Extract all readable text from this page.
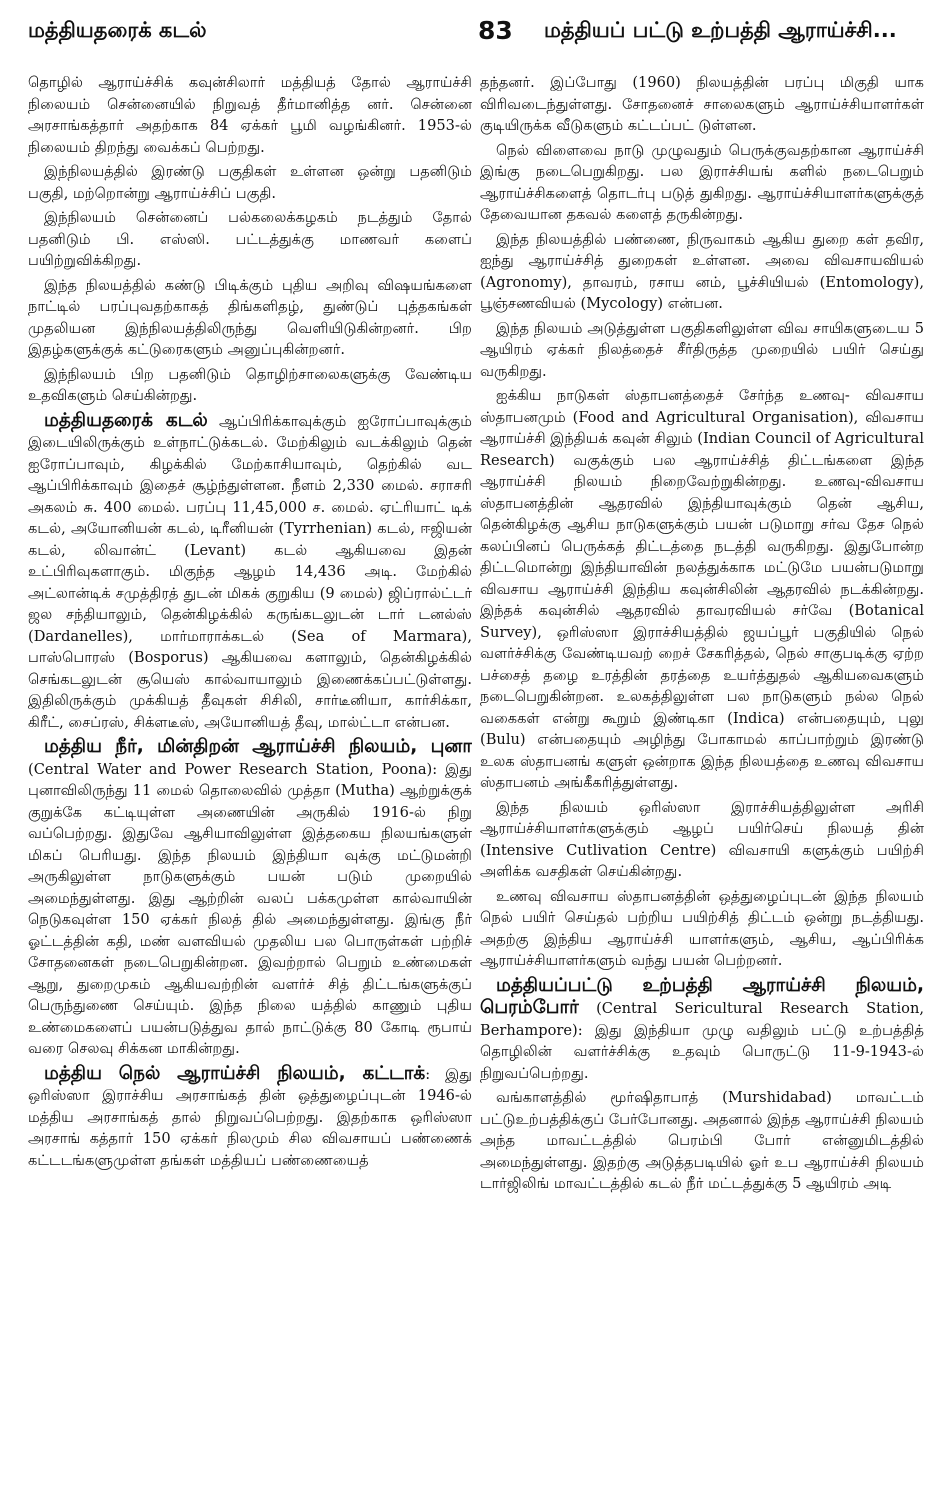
மத்தியதரைக் கடல்	83 மத்தியப் பட்டு உற்பத்தி ஆராய்ச்சி...

தொழில் ஆராய்ச்சிக் கவுன்சிலார் மத்தியத் தோல் ஆராய்ச்சி நிலையம் சென்னையில் நிறுவத் தீர்மானித்த னர். சென்னை அரசாங்கத்தார் அதற்காக 84 ஏக்கர் பூமி வழங்கினர். 1953-ல் நிலையம் திறந்து வைக்கப் பெற்றது.

இந்நிலயத்தில் இரண்டு பகுதிகள் உள்ளன ஒன்று பதனிடும் பகுதி, மற்றொன்று ஆராய்ச்சிப் பகுதி.

இந்நிலயம் சென்னைப் பல்கலைக்கழகம் நடத்தும் தோல் பதனிடும் பி. எஸ்ஸி. பட்டத்துக்கு மாணவர் களைப் பயிற்றுவிக்கிறது.

இந்த நிலயத்தில் கண்டு பிடிக்கும் புதிய அறிவு விஷயங்களை நாட்டில் பரப்புவதற்காகத் திங்களிதழ், துண்டுப் புத்தகங்கள் முதலியன இந்நிலயத்திலிருந்து வெளியிடுகின்றனர். பிற இதழ்களுக்குக் கட்டுரைகளும் அனுப்புகின்றனர்.

இந்நிலயம் பிற பதனிடும் தொழிற்சாலைகளுக்கு வேண்டிய உதவிகளும் செய்கின்றது.

மத்தியதரைக் கடல் ஆப்பிரிக்காவுக்கும் ஐரோப்பாவுக்கும் இடையிலிருக்கும் உள்நாட்டுக்கடல். மேற்கிலும் வடக்கிலும் தென் ஐரோப்பாவும், கிழக்கில் மேற்காசியாவும், தெற்கில் வட ஆப்பிரிக்காவும் இதைச் சூழ்ந்துள்ளன. நீளம் 2,330 மைல். சராசரி அகலம் சு. 400 மைல். பரப்பு 11,45,000 ச. மைல். ஏட்ரியாட் டிக் கடல், அயோனியன் கடல், டிரீனியன் (Tyrrhenian) கடல், ஈஜியன் கடல், லிவான்ட் (Levant) கடல் ஆகியவை இதன் உட்பிரிவுகளாகும். மிகுந்த ஆழம் 14,436 அடி. மேற்கில் அட்லான்டிக் சமுத்திரத் துடன் மிகக் குறுகிய (9 மைல்) ஜிப்ரால்ட்டர் ஜல சந்தியாலும், தென்கிழக்கில் கருங்கடலுடன் டார் டனல்ஸ் (Dardanelles), மார்மாராக்கடல் (Sea of Marmara), பாஸ்பொரஸ் (Bosporus) ஆகியவை களாலும், தென்கிழக்கில் செங்கடலுடன் சூயெஸ் கால்வாயாலும் இணைக்கப்பட்டுள்ளது. இதிலிருக்கும் முக்கியத் தீவுகள் சிசிலி, சார்டீனியா, கார்சிக்கா, கிரீட், சைப்ரஸ், சிக்ளடீஸ், அயோனியத் தீவு, மால்ட்டா என்பன.

மத்திய நீர், மின்திறன் ஆராய்ச்சி நிலயம், புனா (Central Water and Power Research Station, Poona): இது புனாவிலிருந்து 11 மைல் தொலைவில் முத்தா (Mutha) ஆற்றுக்குக் குறுக்கே கட்டியுள்ள அணையின் அருகில் 1916-ல் நிறு வப்பெற்றது. இதுவே ஆசியாவிலுள்ள இத்தகைய நிலயங்களுள் மிகப் பெரியது. இந்த நிலயம் இந்தியா வுக்கு மட்டுமன்றி அருகிலுள்ள நாடுகளுக்கும் பயன் படும் முறையில் அமைந்துள்ளது. இது ஆற்றின் வலப் பக்கமுள்ள கால்வாயின் நெடுகவுள்ள 150 ஏக்கர் நிலத் தில் அமைந்துள்ளது. இங்கு நீர் ஓட்டத்தின் கதி, மண் வளவியல் முதலிய பல பொருள்கள் பற்றிச் சோதனைகள் நடைபெறுகின்றன. இவற்றால் பெறும் உண்மைகள் ஆறு, துறைமுகம் ஆகியவற்றின் வளர்ச் சித் திட்டங்களுக்குப் பெருந்துணை செய்யும். இந்த நிலை யத்தில் காணும் புதிய உண்மைகளைப் பயன்படுத்துவ தால் நாட்டுக்கு 80 கோடி ரூபாய் வரை செலவு சிக்கன மாகின்றது.

மத்திய நெல் ஆராய்ச்சி நிலயம், கட்டாக்: இது ஒரிஸ்ஸா இராச்சிய அரசாங்கத் தின் ஒத்துழைப்புடன் 1946-ல் மத்திய அரசாங்கத் தால் நிறுவப்பெற்றது. இதற்காக ஒரிஸ்ஸா அரசாங் கத்தார் 150 ஏக்கர் நிலமும் சில விவசாயப் பண்ணைக் கட்டடங்களுமுள்ள தங்கள் மத்தியப் பண்ணையைத்

தந்தனர். இப்போது (1960) நிலயத்தின் பரப்பு மிகுதி யாக விரிவடைந்துள்ளது. சோதனைச் சாலைகளும் ஆராய்ச்சியாளர்கள் குடியிருக்க வீடுகளும் கட்டப்பட் டுள்ளன.

நெல் விளைவை நாடு முழுவதும் பெருக்குவதற்கான ஆராய்ச்சி இங்கு நடைபெறுகிறது. பல இராச்சியங் களில் நடைபெறும் ஆராய்ச்சிகளைத் தொடர்பு படுத் துகிறது. ஆராய்ச்சியாளர்களுக்குத் தேவையான தகவல் களைத் தருகின்றது.

இந்த நிலயத்தில் பண்ணை, நிருவாகம் ஆகிய துறை கள் தவிர, ஐந்து ஆராய்ச்சித் துறைகள் உள்ளன. அவை விவசாயவியல் (Agronomy), தாவரம், ரசாய னம், பூச்சியியல் (Entomology), பூஞ்சணவியல் (Mycology) என்பன.

இந்த நிலயம் அடுத்துள்ள பகுதிகளிலுள்ள விவ சாயிகளுடைய 5 ஆயிரம் ஏக்கர் நிலத்தைச் சீர்திருத்த முறையில் பயிர் செய்து வருகிறது.

ஐக்கிய நாடுகள் ஸ்தாபனத்தைச் சேர்ந்த உணவு- விவசாய ஸ்தாபனமும் (Food and Agricultural Organisation), விவசாய ஆராய்ச்சி இந்தியக் கவுன் சிலும் (Indian Council of Agricultural Research) வகுக்கும் பல ஆராய்ச்சித் திட்டங்களை இந்த ஆராய்ச்சி நிலயம் நிறைவேற்றுகின்றது. உணவு-விவசாய ஸ்தாபனத்தின் ஆதரவில் இந்தியாவுக்கும் தென் ஆசிய, தென்கிழக்கு ஆசிய நாடுகளுக்கும் பயன் படுமாறு சர்வ தேச நெல் கலப்பினப் பெருக்கத் திட்டத்தை நடத்தி வருகிறது. இதுபோன்ற திட்டமொன்று இந்தியாவின் நலத்துக்காக மட்டுமே பயன்படுமாறு விவசாய ஆராய்ச்சி இந்திய கவுன்சிலின் ஆதரவில் நடக்கின்றது. இந்தக் கவுன்சில் ஆதரவில் தாவரவியல் சர்வே (Botanical Survey), ஒரிஸ்ஸா இராச்சியத்தில் ஜயப்பூர் பகுதியில் நெல் வளர்ச்சிக்கு வேண்டியவற் றைச் சேகரித்தல், நெல் சாகுபடிக்கு ஏற்ற பச்சைத் தழை உரத்தின் தரத்தை உயர்த்துதல் ஆகியவைகளும் நடைபெறுகின்றன. உலகத்திலுள்ள பல நாடுகளும் நல்ல நெல் வகைகள் என்று கூறும் இண்டிகா (Indica) என்பதையும், புலு (Bulu) என்பதையும் அழிந்து போகாமல் காப்பாற்றும் இரண்டு உலக ஸ்தாபனங் களுள் ஒன்றாக இந்த நிலயத்தை உணவு விவசாய ஸ்தாபனம் அங்கீகரித்துள்ளது.

இந்த நிலயம் ஒரிஸ்ஸா இராச்சியத்திலுள்ள அரிசி ஆராய்ச்சியாளர்களுக்கும் ஆழப் பயிர்செய் நிலயத் தின் (Intensive Cutlivation Centre) விவசாயி களுக்கும் பயிற்சி அளிக்க வசதிகள் செய்கின்றது.

உணவு விவசாய ஸ்தாபனத்தின் ஒத்துழைப்புடன் இந்த நிலயம் நெல் பயிர் செய்தல் பற்றிய பயிற்சித் திட்டம் ஒன்று நடத்தியது. அதற்கு இந்திய ஆராய்ச்சி யாளர்களும், ஆசிய, ஆப்பிரிக்க ஆராய்ச்சியாளர்களும் வந்து பயன் பெற்றனர்.

மத்தியப்பட்டு உற்பத்தி ஆராய்ச்சி நிலயம், பெரம்போர் (Central Sericultural Research Station, Berhampore): இது இந்தியா முழு வதிலும் பட்டு உற்பத்தித் தொழிலின் வளர்ச்சிக்கு உதவும் பொருட்டு 11-9-1943-ல் நிறுவப்பெற்றது.

வங்காளத்தில் மூர்ஷிதாபாத் (Murshidabad) மாவட்டம் பட்டுஉற்பத்திக்குப் பேர்போனது. அதனால் இந்த ஆராய்ச்சி நிலயம் அந்த மாவட்டத்தில் பெரம்பி போர் என்னுமிடத்தில் அமைந்துள்ளது. இதற்கு அடுத்தபடியில் ஓர் உப ஆராய்ச்சி நிலயம் டார்ஜிலிங் மாவட்டத்தில் கடல் நீர் மட்டத்துக்கு 5 ஆயிரம் அடி
